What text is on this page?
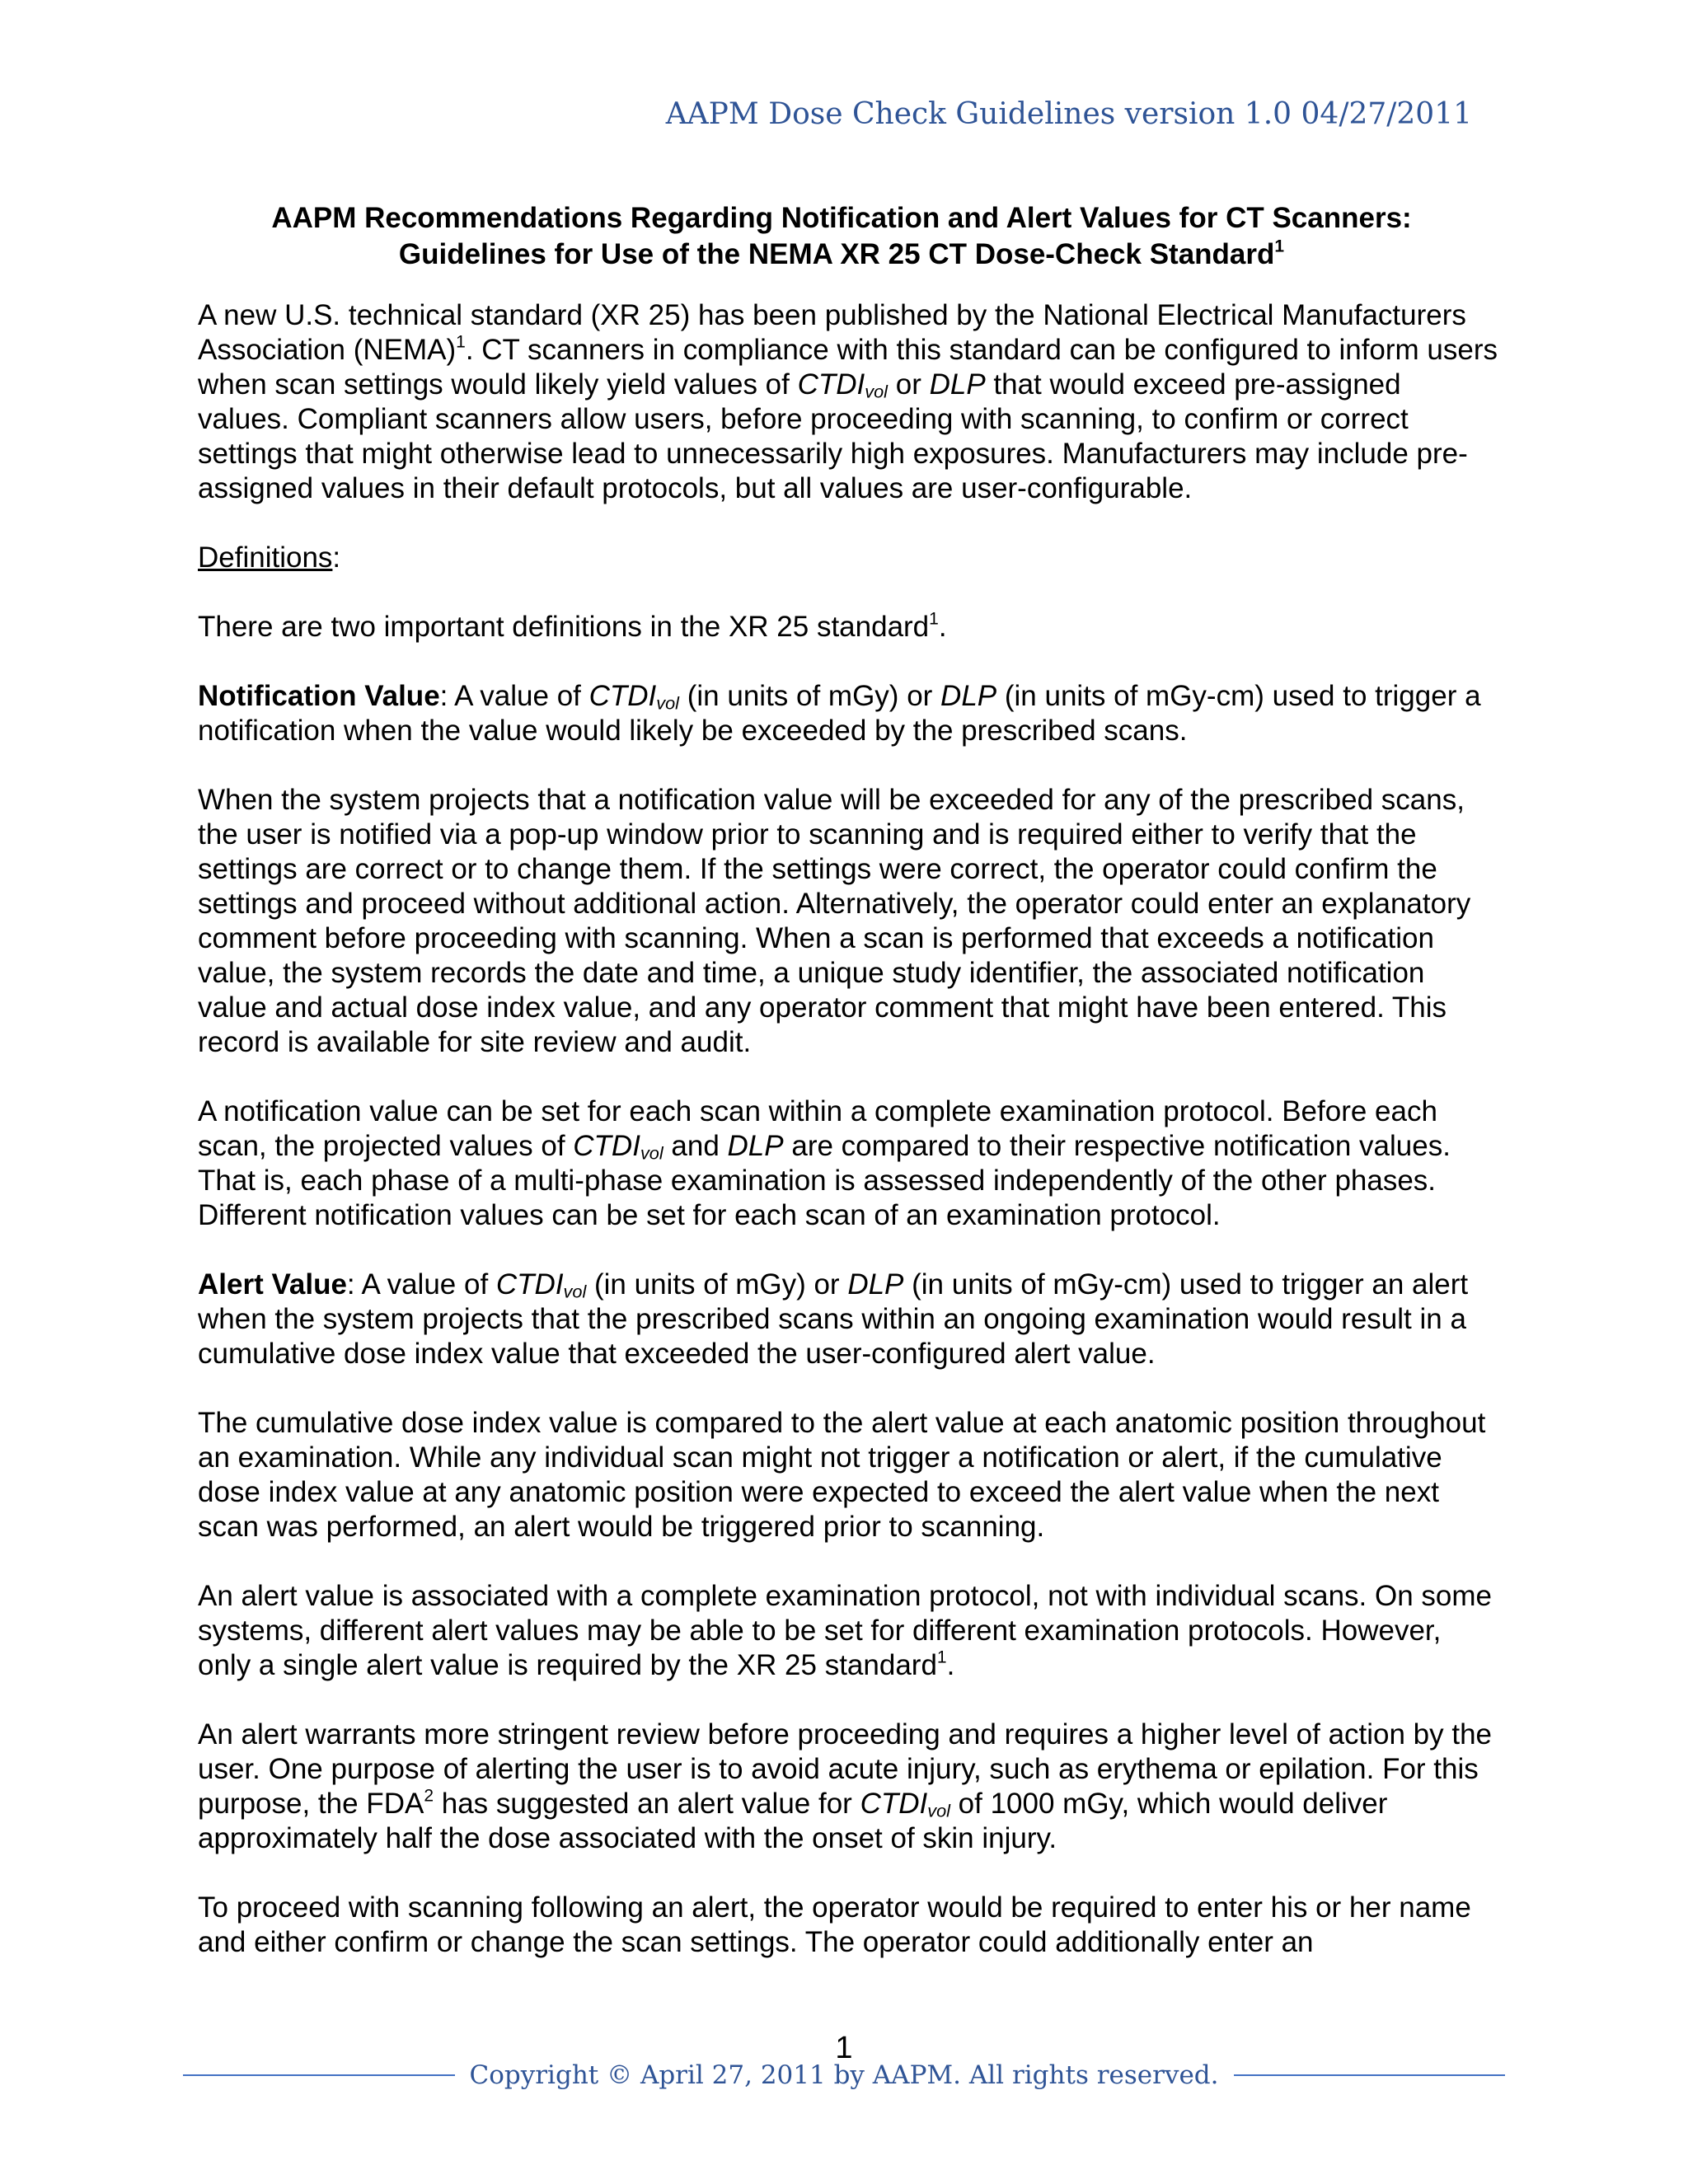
AAPM Dose Check Guidelines version 1.0 04/27/2011
AAPM Recommendations Regarding Notification and Alert Values for CT Scanners:
Guidelines for Use of the NEMA XR 25 CT Dose-Check Standard$^1$

A new U.S. technical standard (XR 25) has been published by the National Electrical Manufacturers Association (NEMA)$^1$. CT scanners in compliance with this standard can be configured to inform users when scan settings would likely yield values of $CTDI_{vol}$ or DLP that would exceed pre-assigned values. Compliant scanners allow users, before proceeding with scanning, to confirm or correct settings that might otherwise lead to unnecessarily high exposures. Manufacturers may include pre-assigned values in their default protocols, but all values are user-configurable.

Definitions:

There are two important definitions in the XR 25 standard$^1$.

Notification Value: A value of $CTDI_{vol}$ (in units of mGy) or DLP (in units of mGy-cm) used to trigger a notification when the value would likely be exceeded by the prescribed scans.

When the system projects that a notification value will be exceeded for any of the prescribed scans, the user is notified via a pop-up window prior to scanning and is required either to verify that the settings are correct or to change them. If the settings were correct, the operator could confirm the settings and proceed without additional action. Alternatively, the operator could enter an explanatory comment before proceeding with scanning. When a scan is performed that exceeds a notification value, the system records the date and time, a unique study identifier, the associated notification value and actual dose index value, and any operator comment that might have been entered. This record is available for site review and audit.

A notification value can be set for each scan within a complete examination protocol. Before each scan, the projected values of $CTDI_{vol}$ and DLP are compared to their respective notification values. That is, each phase of a multi-phase examination is assessed independently of the other phases. Different notification values can be set for each scan of an examination protocol.

Alert Value: A value of $CTDI_{vol}$ (in units of mGy) or DLP (in units of mGy-cm) used to trigger an alert when the system projects that the prescribed scans within an ongoing examination would result in a cumulative dose index value that exceeded the user-configured alert value.

The cumulative dose index value is compared to the alert value at each anatomic position throughout an examination. While any individual scan might not trigger a notification or alert, if the cumulative dose index value at any anatomic position were expected to exceed the alert value when the next scan was performed, an alert would be triggered prior to scanning.

An alert value is associated with a complete examination protocol, not with individual scans. On some systems, different alert values may be able to be set for different examination protocols. However, only a single alert value is required by the XR 25 standard$^1$.

An alert warrants more stringent review before proceeding and requires a higher level of action by the user. One purpose of alerting the user is to avoid acute injury, such as erythema or epilation. For this purpose, the FDA$^2$ has suggested an alert value for $CTDI_{vol}$ of 1000 mGy, which would deliver approximately half the dose associated with the onset of skin injury.

To proceed with scanning following an alert, the operator would be required to enter his or her name and either confirm or change the scan settings. The operator could additionally enter an

1
Copyright © April 27, 2011 by AAPM. All rights reserved.
